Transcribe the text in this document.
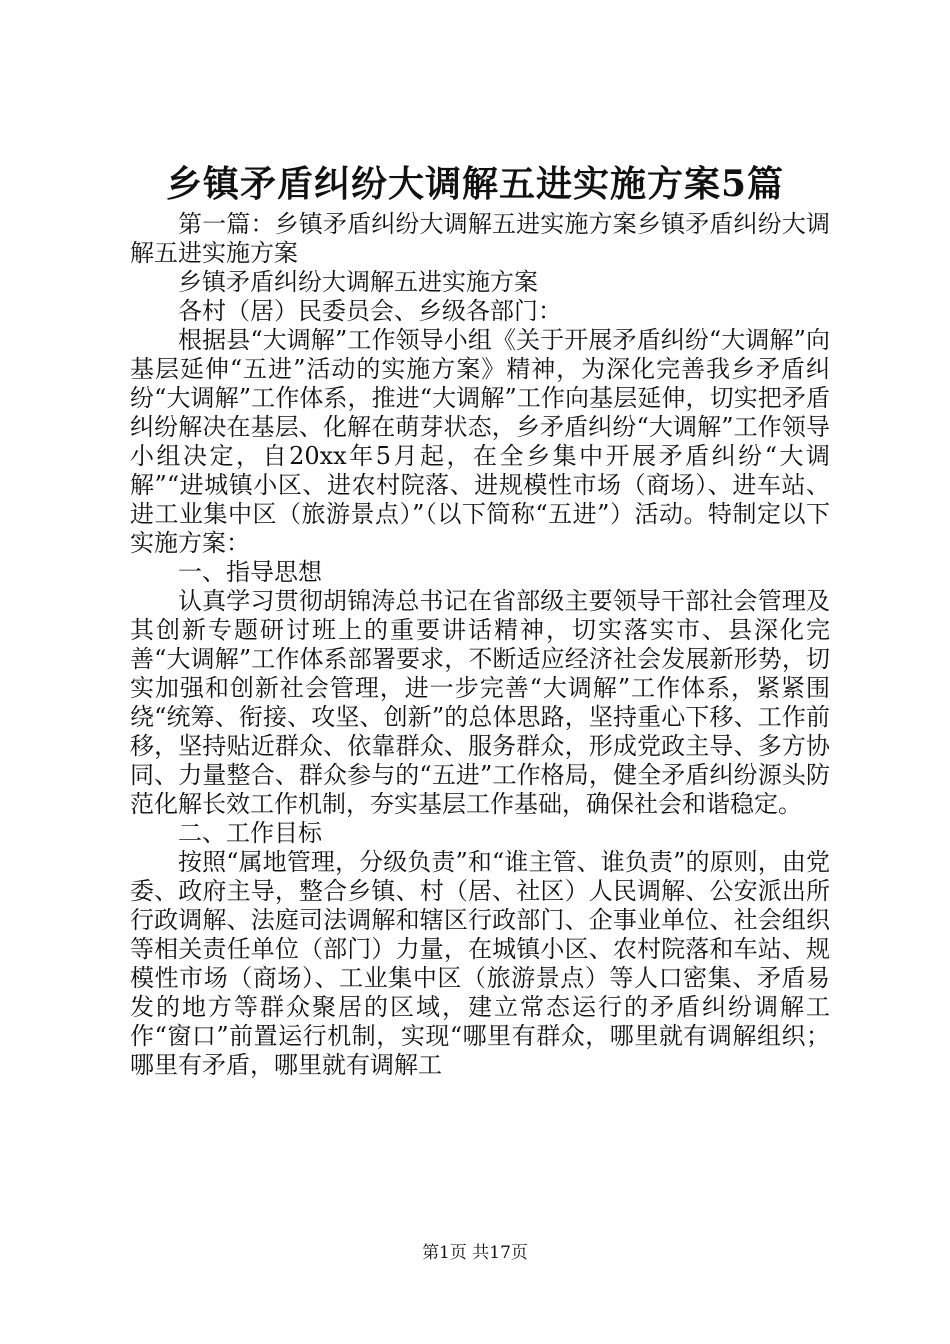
乡镇矛盾纠纷大调解五进实施方案5篇

第一篇：乡镇矛盾纠纷大调解五进实施方案乡镇矛盾纠纷大调解五进实施方案

乡镇矛盾纠纷大调解五进实施方案

各村（居）民委员会、乡级各部门：

根据县“大调解”工作领导小组《关于开展矛盾纠纷“大调解”向基层延伸“五进”活动的实施方案》精神，为深化完善我乡矛盾纠纷“大调解”工作体系，推进“大调解”工作向基层延伸，切实把矛盾纠纷解决在基层、化解在萌芽状态，乡矛盾纠纷“大调解”工作领导小组决定，自20xx年5月起，在全乡集中开展矛盾纠纷“大调解”“进城镇小区、进农村院落、进规模性市场（商场）、进车站、进工业集中区（旅游景点）”（以下简称“五进”）活动。特制定以下实施方案：

一、指导思想

认真学习贯彻胡锦涛总书记在省部级主要领导干部社会管理及其创新专题研讨班上的重要讲话精神，切实落实市、县深化完善“大调解”工作体系部署要求，不断适应经济社会发展新形势，切实加强和创新社会管理，进一步完善“大调解”工作体系，紧紧围绕“统筹、衔接、攻坚、创新”的总体思路，坚持重心下移、工作前移，坚持贴近群众、依靠群众、服务群众，形成党政主导、多方协同、力量整合、群众参与的“五进”工作格局，健全矛盾纠纷源头防范化解长效工作机制，夯实基层工作基础，确保社会和谐稳定。

二、工作目标

按照“属地管理，分级负责”和“谁主管、谁负责”的原则，由党委、政府主导，整合乡镇、村（居、社区）人民调解、公安派出所行政调解、法庭司法调解和辖区行政部门、企事业单位、社会组织等相关责任单位（部门）力量，在城镇小区、农村院落和车站、规模性市场（商场）、工业集中区（旅游景点）等人口密集、矛盾易发的地方等群众聚居的区域，建立常态运行的矛盾纠纷调解工作“窗口”前置运行机制，实现“哪里有群众，哪里就有调解组织；哪里有矛盾，哪里就有调解工

第1页 共17页
